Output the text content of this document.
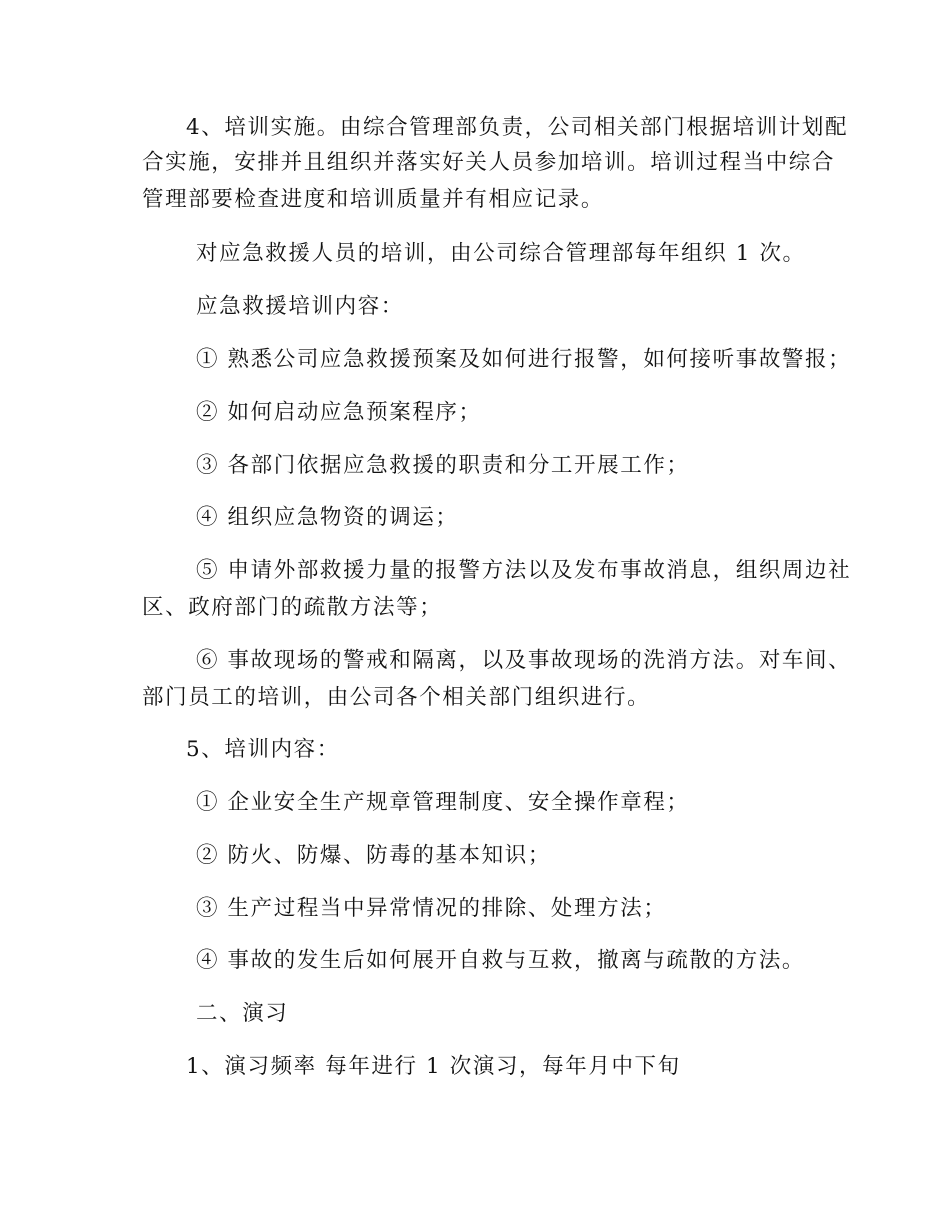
4、培训实施。由综合管理部负责，公司相关部门根据培训计划配
合实施，安排并且组织并落实好关人员参加培训。培训过程当中综合
管理部要检查进度和培训质量并有相应记录。
对应急救援人员的培训，由公司综合管理部每年组织 1 次。
应急救援培训内容：
① 熟悉公司应急救援预案及如何进行报警，如何接听事故警报；
② 如何启动应急预案程序；
③ 各部门依据应急救援的职责和分工开展工作；
④ 组织应急物资的调运；
⑤ 申请外部救援力量的报警方法以及发布事故消息，组织周边社
区、政府部门的疏散方法等；
⑥ 事故现场的警戒和隔离，以及事故现场的洗消方法。对车间、
部门员工的培训，由公司各个相关部门组织进行。
5、培训内容：
① 企业安全生产规章管理制度、安全操作章程；
② 防火、防爆、防毒的基本知识；
③ 生产过程当中异常情况的排除、处理方法；
④ 事故的发生后如何展开自救与互救，撤离与疏散的方法。
二、演习
1、演习频率 每年进行 1 次演习，每年月中下旬
